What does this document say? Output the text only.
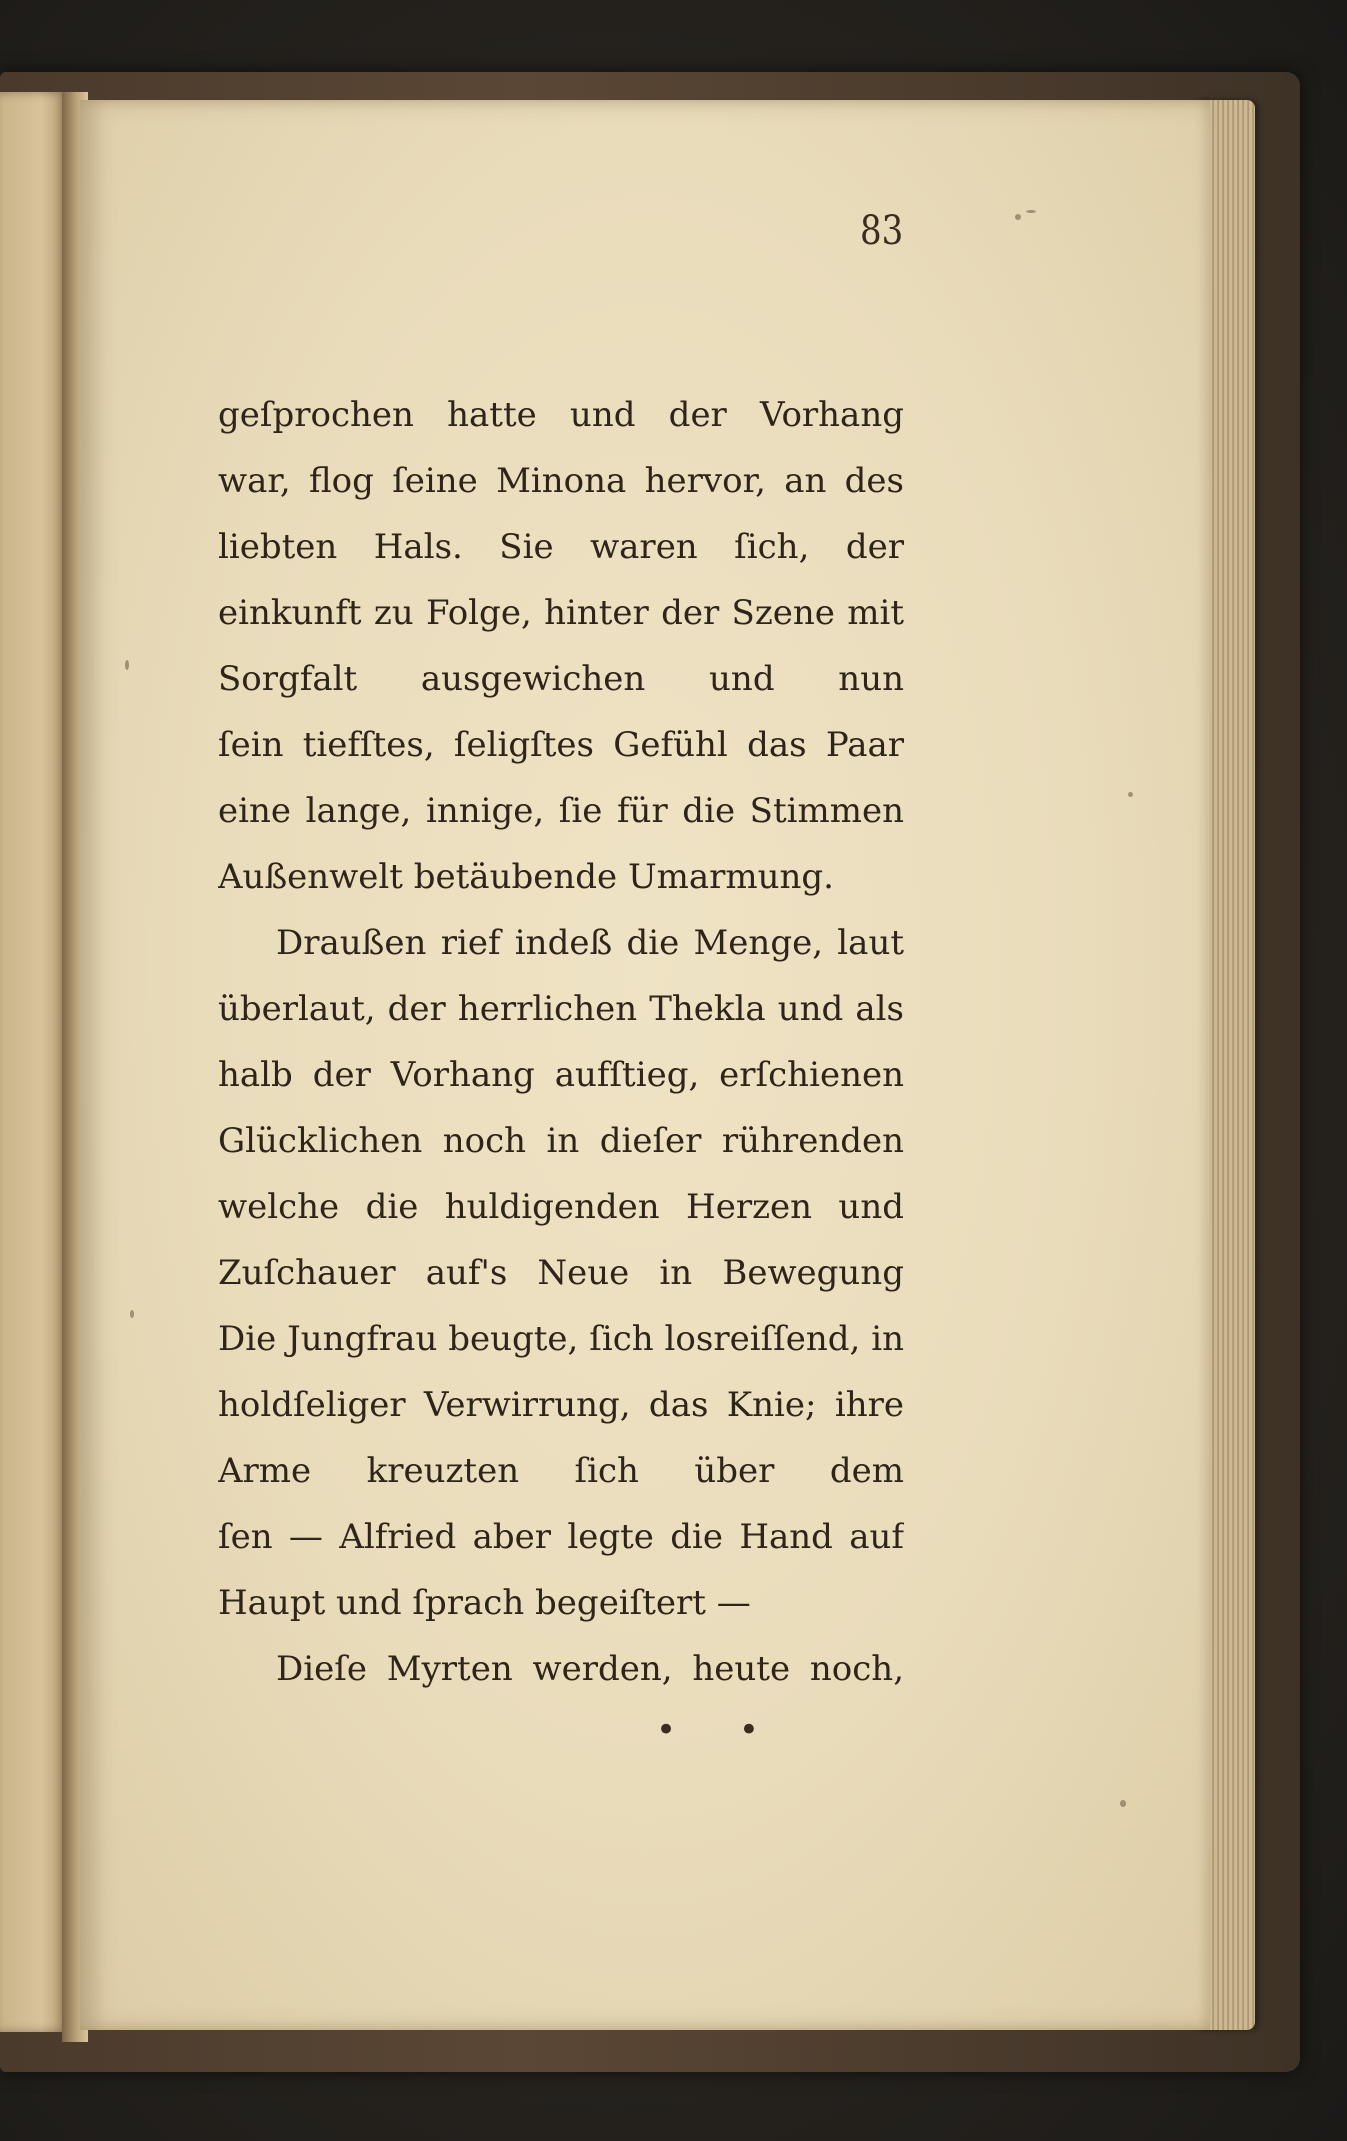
83
geſprochen hatte und der Vorhang
war, flog ſeine Minona hervor, an des
liebten Hals. Sie waren ſich, der
einkunft zu Folge, hinter der Szene mit
Sorgfalt ausgewichen und nun
ſein tiefſtes, ſeligſtes Gefühl das Paar
eine lange, innige, ſie für die Stimmen
Außenwelt betäubende Umarmung.
Draußen rief indeß die Menge, laut
überlaut, der herrlichen Thekla und als
halb der Vorhang aufſtieg, erſchienen
Glücklichen noch in dieſer rührenden
welche die huldigenden Herzen und
Zuſchauer auf's Neue in Bewegung
Die Jungfrau beugte, ſich losreiſſend, in
holdſeliger Verwirrung, das Knie; ihre
Arme kreuzten ſich über dem
ſen — Alfried aber legte die Hand auf
Haupt und ſprach begeiſtert —
Dieſe Myrten werden, heute noch,
• •
